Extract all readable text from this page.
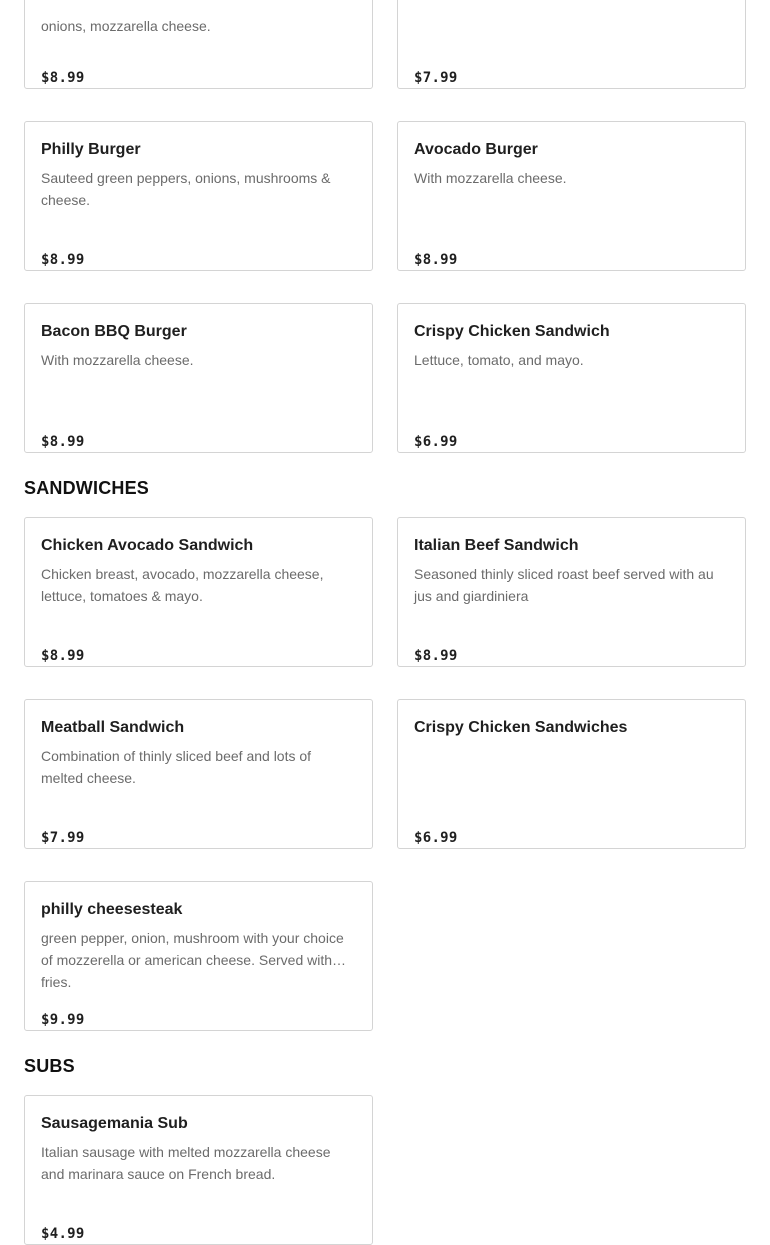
onions, mozzarella cheese.
$8.99	$7.99
Philly Burger
Sauteed green peppers, onions, mushrooms & cheese.
$8.99
Avocado Burger
With mozzarella cheese.
$8.99
Bacon BBQ Burger
With mozzarella cheese.
$8.99
Crispy Chicken Sandwich
Lettuce, tomato, and mayo.
$6.99
SANDWICHES
Chicken Avocado Sandwich
Chicken breast, avocado, mozzarella cheese, lettuce, tomatoes & mayo.
$8.99
Italian Beef Sandwich
Seasoned thinly sliced roast beef served with au jus and giardiniera
$8.99
Meatball Sandwich
Combination of thinly sliced beef and lots of melted cheese.
$7.99
Crispy Chicken Sandwiches
$6.99
philly cheesesteak
green pepper, onion, mushroom with your choice of mozzerella or american cheese. Served with fries.
$9.99
SUBS
Sausagemania Sub
Italian sausage with melted mozzarella cheese and marinara sauce on French bread.
$4.99
